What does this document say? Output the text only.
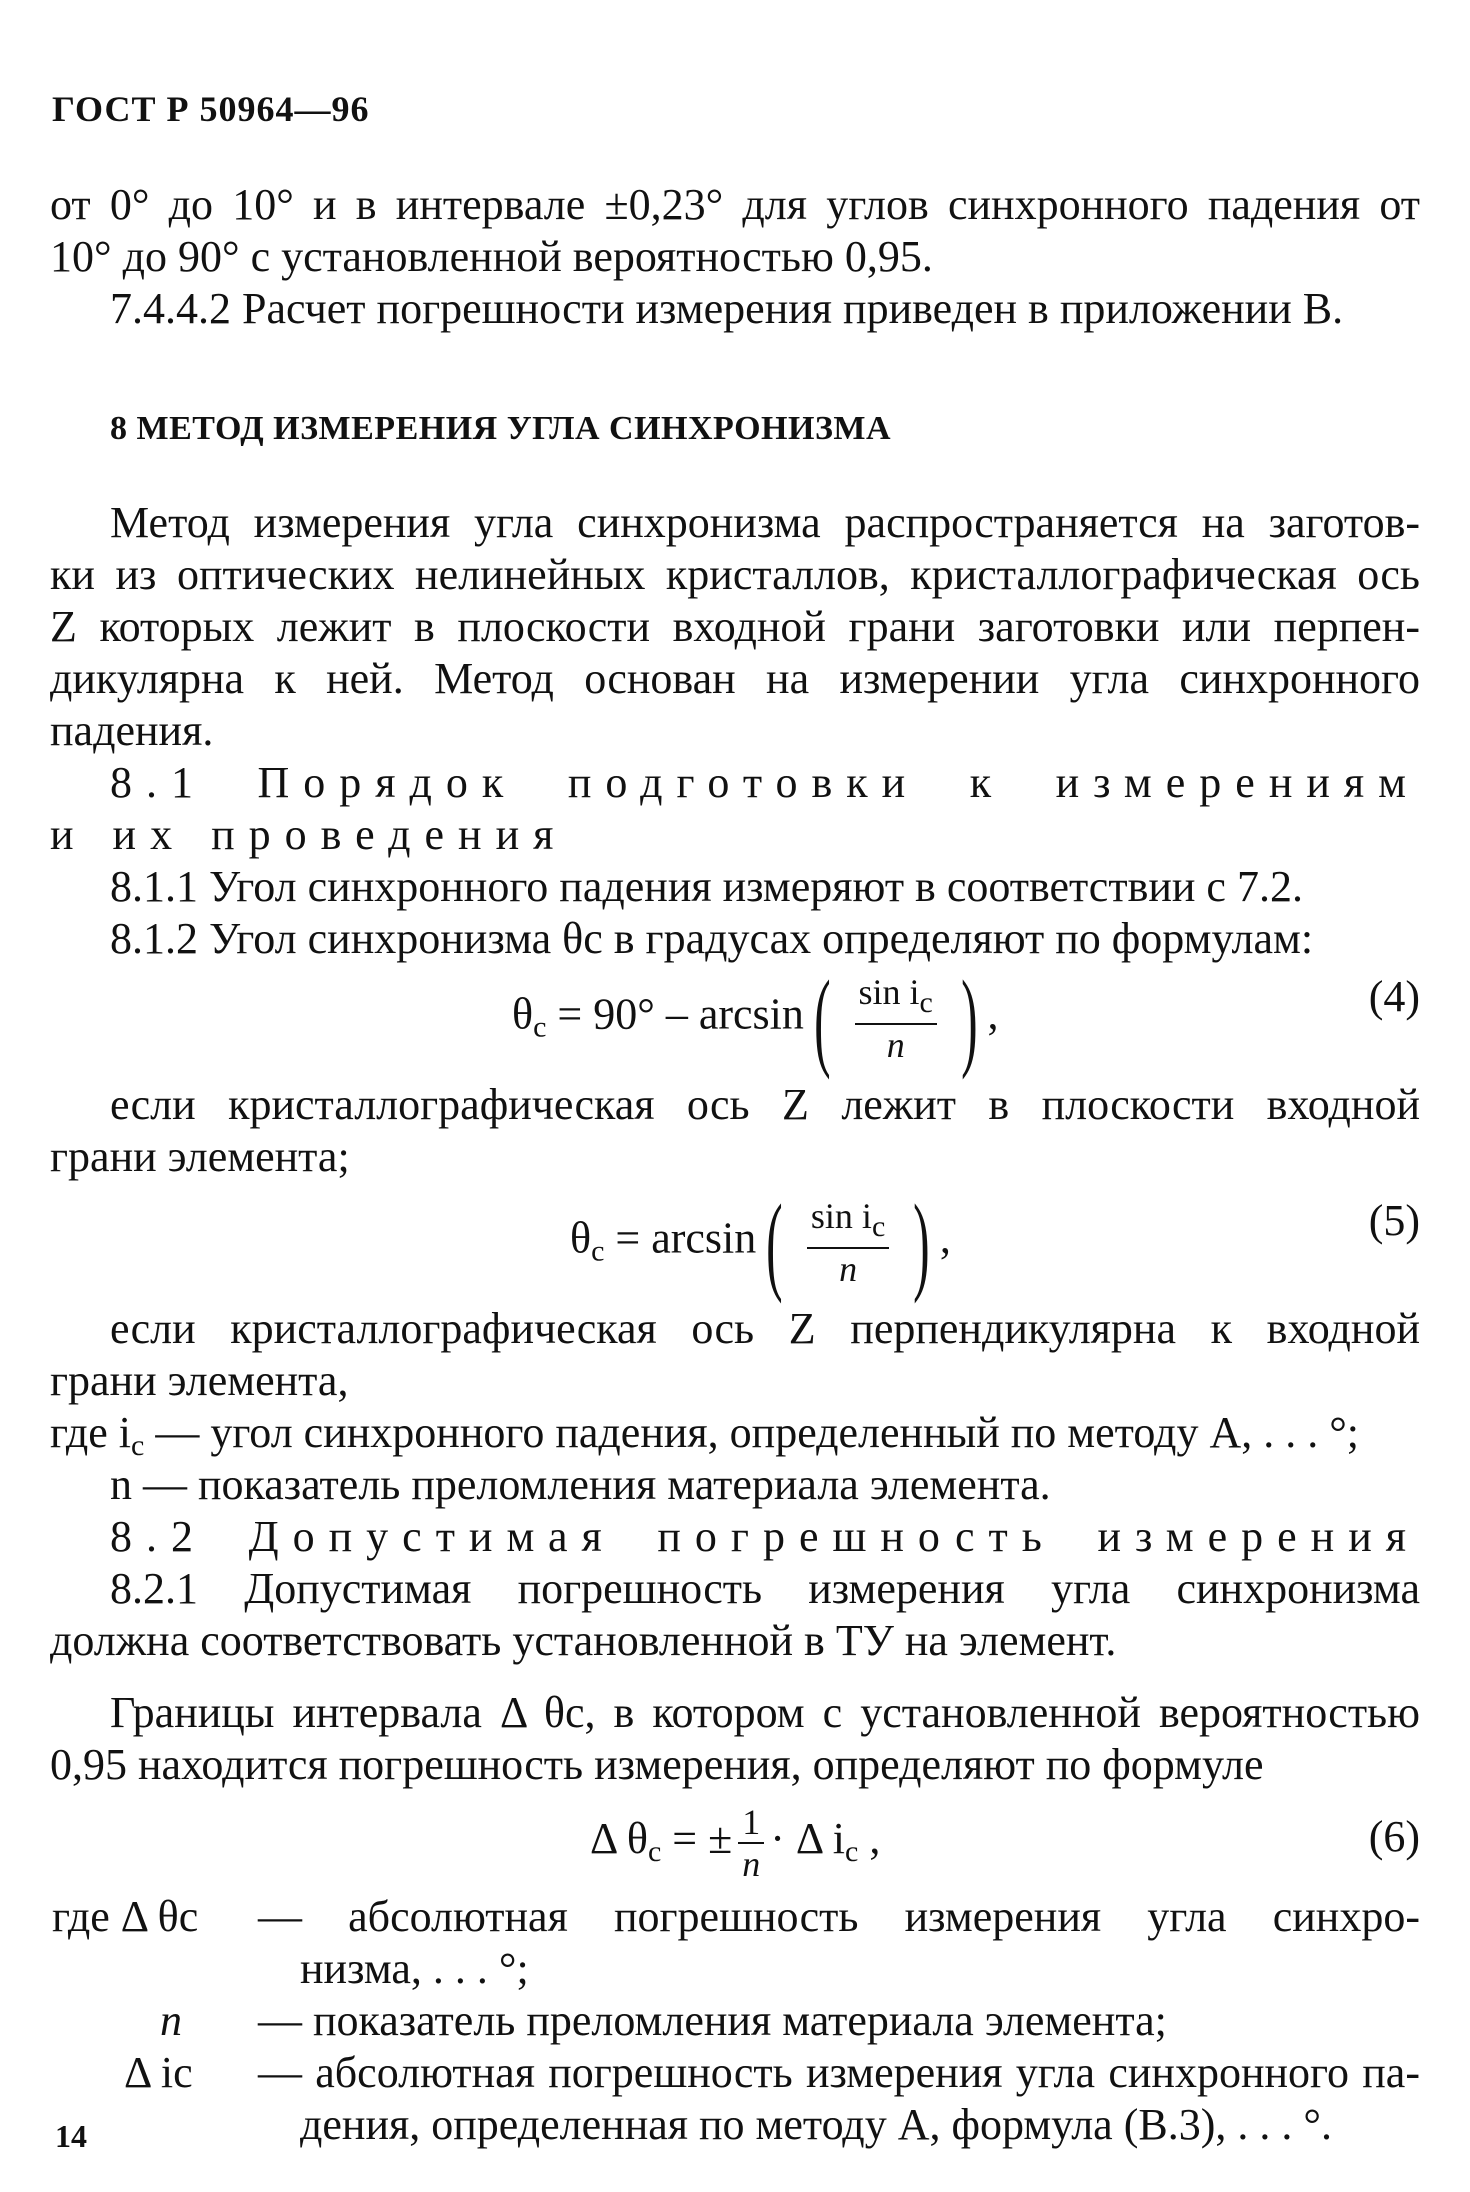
ГОСТ Р 50964—96
от 0° до 10° и в интервале ±0,23° для углов синхронного падения от
10° до 90° с установленной вероятностью 0,95.
7.4.4.2 Расчет погрешности измерения приведен в приложении В.
8 МЕТОД ИЗМЕРЕНИЯ УГЛА СИНХРОНИЗМА
Метод измерения угла синхронизма распространяется на заготов-
ки из оптических нелинейных кристаллов, кристаллографическая ось
Z которых лежит в плоскости входной грани заготовки или перпен-
дикулярна к ней. Метод основан на измерении угла синхронного
падения.
8.1 Порядок подготовки к измерениям
и их проведения
8.1.1 Угол синхронного падения измеряют в соответствии с 7.2.
8.1.2 Угол синхронизма θc в градусах определяют по формулам:
$\theta_c = 90^\circ - \arcsin( \frac{\sin i_c}{n}$ ) ,	(4)
если кристаллографическая ось Z лежит в плоскости входной
грани элемента;
$\theta_c = \arcsin( \frac{\sin i_c}{n}$ ) ,	(5)
если кристаллографическая ось Z перпендикулярна к входной
грани элемента,
где $i_c$ — угол синхронного падения, определенный по методу А, . . . °;
n — показатель преломления материала элемента.
8.2 Допустимая погрешность измерения
8.2.1 Допустимая погрешность измерения угла синхронизма
должна соответствовать установленной в ТУ на элемент.
Границы интервала Δ θc, в котором с установленной вероятностью
0,95 находится погрешность измерения, определяют по формуле
Δ $\theta_c$ = ± $\frac{1}{n} \cdot \Delta$ $i_c$ ,	(6)
где Δ θc — абсолютная погрешность измерения угла синхро-
низма, . . . °;
n — показатель преломления материала элемента;
Δ ic — абсолютная погрешность измерения угла синхронного па-
дения, определенная по методу А, формула (В.3), . . . °.
14
